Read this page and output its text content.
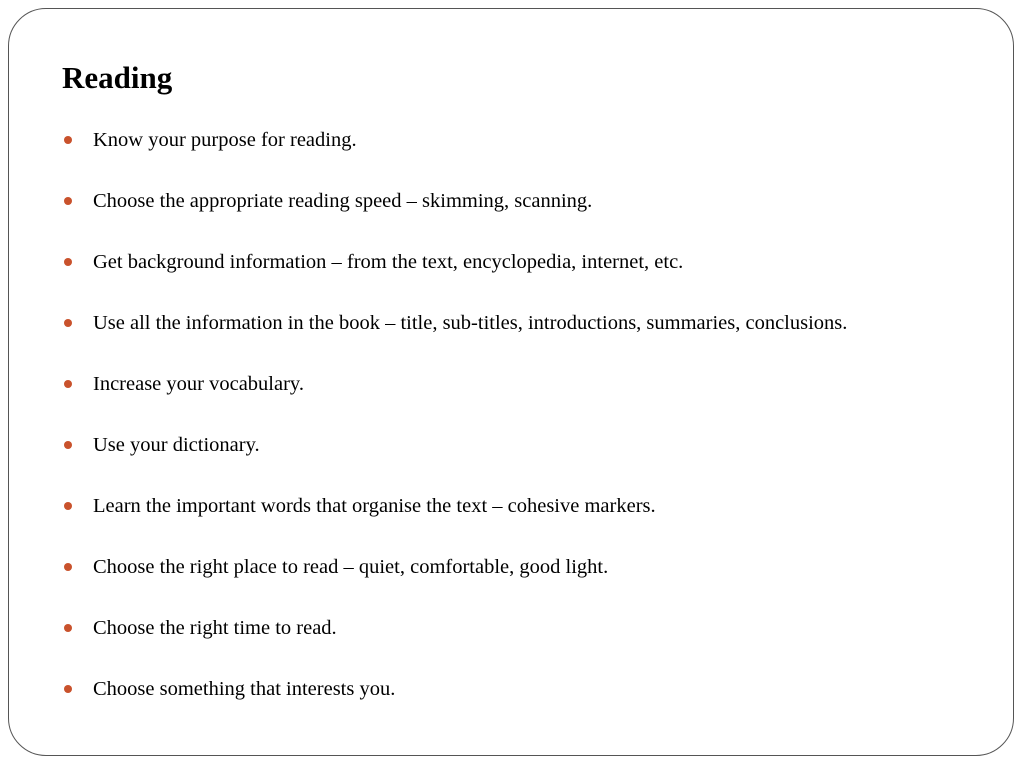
Reading
Know your purpose for reading.
Choose the appropriate reading speed – skimming, scanning.
Get background information – from the text, encyclopedia, internet, etc.
Use all the information in the book – title, sub-titles, introductions, summaries, conclusions.
Increase your vocabulary.
Use your dictionary.
Learn the important words that organise the text – cohesive markers.
Choose the right place to read – quiet, comfortable, good light.
Choose the right time to read.
Choose something that interests you.
